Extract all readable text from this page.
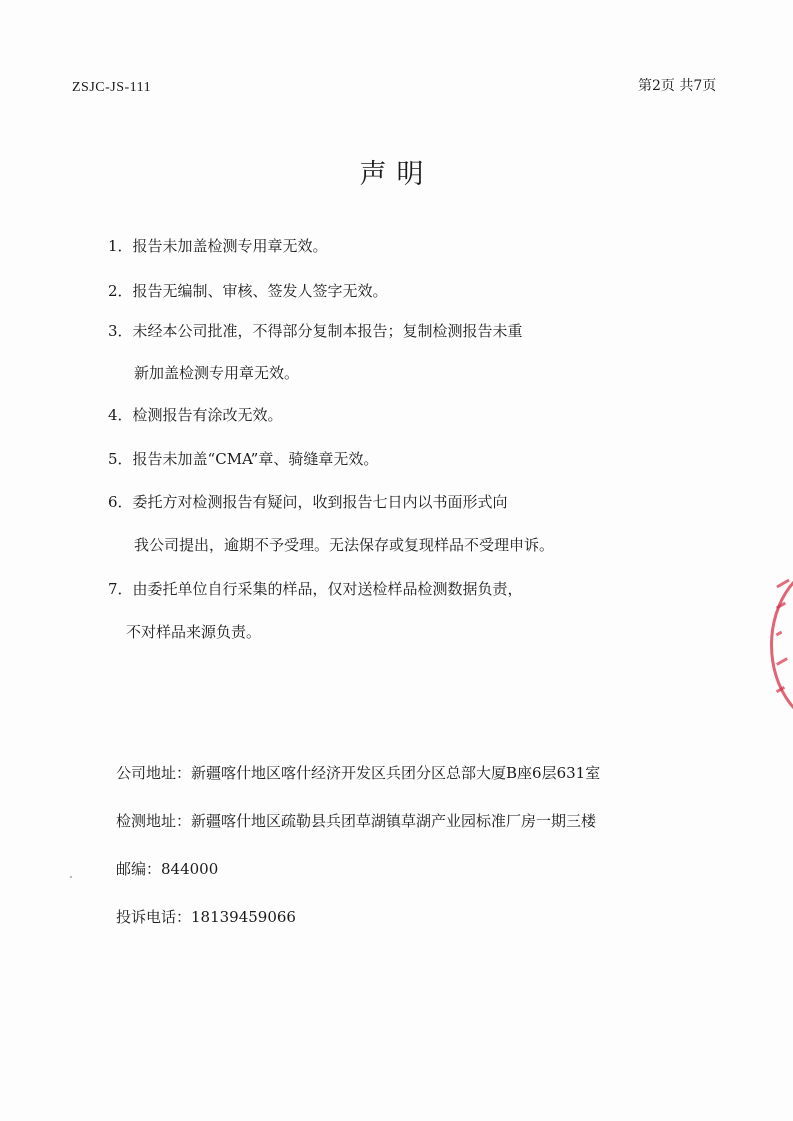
ZSJC-JS-111	第2页 共7页
声明
1．报告未加盖检测专用章无效。
2．报告无编制、审核、签发人签字无效。
3．未经本公司批准，不得部分复制本报告；复制检测报告未重
新加盖检测专用章无效。
4．检测报告有涂改无效。
5．报告未加盖“CMA”章、骑缝章无效。
6．委托方对检测报告有疑问，收到报告七日内以书面形式向
我公司提出，逾期不予受理。无法保存或复现样品不受理申诉。
7．由委托单位自行采集的样品，仅对送检样品检测数据负责，
不对样品来源负责。
公司地址：新疆喀什地区喀什经济开发区兵团分区总部大厦B座6层631室
检测地址：新疆喀什地区疏勒县兵团草湖镇草湖产业园标准厂房一期三楼
邮编：844000
投诉电话：18139459066
